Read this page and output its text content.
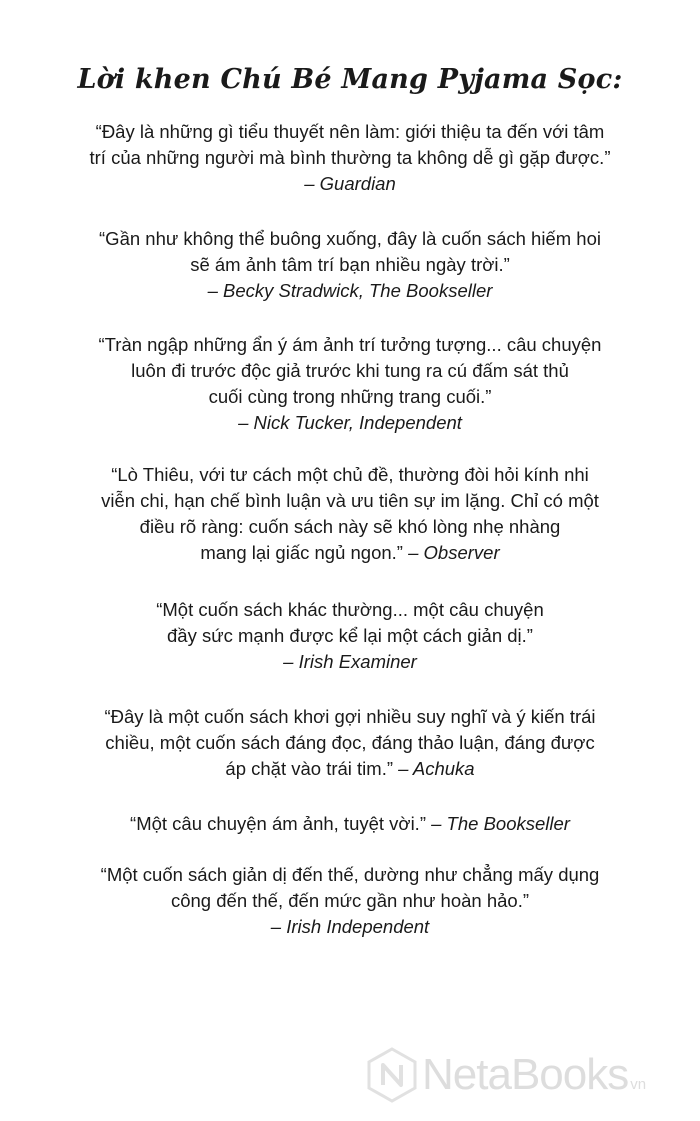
Lời khen Chú Bé Mang Pyjama Sọc:
“Đây là những gì tiểu thuyết nên làm: giới thiệu ta đến với tâm
trí của những người mà bình thường ta không dễ gì gặp được.”
– Guardian
“Gần như không thể buông xuống, đây là cuốn sách hiếm hoi
sẽ ám ảnh tâm trí bạn nhiều ngày trời.”
– Becky Stradwick, The Bookseller
“Tràn ngập những ẩn ý ám ảnh trí tưởng tượng... câu chuyện
luôn đi trước độc giả trước khi tung ra cú đấm sát thủ
cuối cùng trong những trang cuối.”
– Nick Tucker, Independent
“Lò Thiêu, với tư cách một chủ đề, thường đòi hỏi kính nhi
viễn chi, hạn chế bình luận và ưu tiên sự im lặng. Chỉ có một
điều rõ ràng: cuốn sách này sẽ khó lòng nhẹ nhàng
mang lại giấc ngủ ngon.” – Observer
“Một cuốn sách khác thường... một câu chuyện
đầy sức mạnh được kể lại một cách giản dị.”
– Irish Examiner
“Đây là một cuốn sách khơi gợi nhiều suy nghĩ và ý kiến trái
chiều, một cuốn sách đáng đọc, đáng thảo luận, đáng được
áp chặt vào trái tim.” – Achuka
“Một câu chuyện ám ảnh, tuyệt vời.” – The Bookseller
“Một cuốn sách giản dị đến thế, dường như chẳng mấy dụng
công đến thế, đến mức gần như hoàn hảo.”
– Irish Independent
NetaBooks vn
